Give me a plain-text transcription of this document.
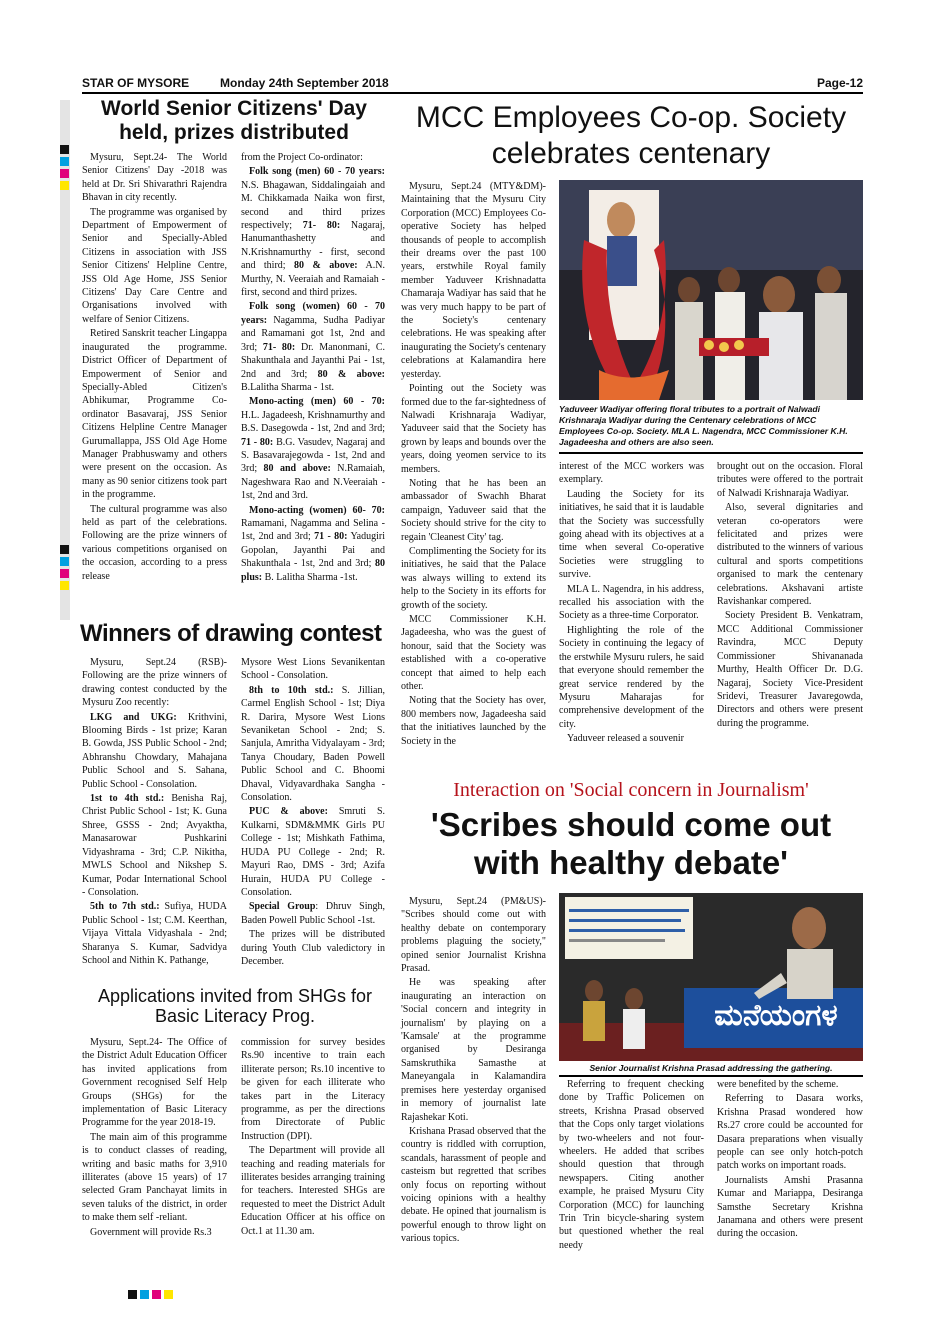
STAR OF MYSORE	Monday 24th September 2018	Page-12
World Senior Citizens' Day held, prizes distributed

Mysuru, Sept.24- The World Senior Citizens' Day -2018 was held at Dr. Sri Shivarathri Rajendra Bhavan in city recently.

The programme was organised by Department of Empowerment of Senior and Specially-Abled Citizens in association with JSS Senior Citizens' Helpline Centre, JSS Old Age Home, JSS Senior Citizens' Day Care Centre and Organisations involved with welfare of Senior Citizens.

Retired Sanskrit teacher Lingappa inaugurated the programme. District Officer of Department of Empowerment of Senior and Specially-Abled Citizen's Abhikumar, Programme Co-ordinator Basavaraj, JSS Senior Citizens Helpline Centre Manager Gurumallappa, JSS Old Age Home Manager Prabhuswamy and others were present on the occasion. As many as 90 senior citizens took part in the programme.

The cultural programme was also held as part of the celebrations. Following are the prize winners of various competitions organised on the occasion, according to a press release

from the Project Co-ordinator:

Folk song (men) 60 - 70 years: N.S. Bhagawan, Siddalingaiah and M. Chikkamada Naika won first, second and third prizes respectively; 71- 80: Nagaraj, Hanumanthashetty and N.Krishnamurthy - first, second and third; 80 & above: A.N. Murthy, N. Veeraiah and Ramaiah - first, second and third prizes.

Folk song (women) 60 - 70 years: Nagamma, Sudha Padiyar and Ramamani got 1st, 2nd and 3rd; 71- 80: Dr. Manonmani, C. Shakunthala and Jayanthi Pai - 1st, 2nd and 3rd; 80 & above: B.Lalitha Sharma - 1st.

Mono-acting (men) 60 - 70: H.L. Jagadeesh, Krishnamurthy and B.S. Dasegowda - 1st, 2nd and 3rd; 71 - 80: B.G. Vasudev, Nagaraj and S. Basavarajegowda - 1st, 2nd and 3rd; 80 and above: N.Ramaiah, Nageshwara Rao and N.Veeraiah - 1st, 2nd and 3rd.

Mono-acting (women) 60- 70: Ramamani, Nagamma and Selina - 1st, 2nd and 3rd; 71 - 80: Yadugiri Gopolan, Jayanthi Pai and Shakunthala - 1st, 2nd and 3rd; 80 plus: B. Lalitha Sharma -1st.

Winners of drawing contest

Mysuru, Sept.24 (RSB)- Following are the prize winners of drawing contest conducted by the Mysuru Zoo recently:

LKG and UKG: Krithvini, Blooming Birds - 1st prize; Karan B. Gowda, JSS Public School - 2nd; Abhranshu Chowdary, Mahajana Public School and S. Sahana, Public School - Consolation.

1st to 4th std.: Benisha Raj, Christ Public School - 1st; K. Guna Shree, GSSS - 2nd; Avyaktha, Manasarowar Pushkarini Vidyashrama - 3rd; C.P. Nikitha, MWLS School and Nikshep S. Kumar, Podar International School - Consolation.

5th to 7th std.: Sufiya, HUDA Public School - 1st; C.M. Keerthan, Vijaya Vittala Vidyashala - 2nd; Sharanya S. Kumar, Sadvidya School and Nithin K. Pathange,

Mysore West Lions Sevanikentan School - Consolation.

8th to 10th std.: S. Jillian, Carmel English School - 1st; Diya R. Darira, Mysore West Lions Sevaniketan School - 2nd; S. Sanjula, Amritha Vidyalayam - 3rd; Tanya Choudary, Baden Powell Public School and C. Bhoomi Dhaval, Vidyavardhaka Sangha - Consolation.

PUC & above: Smruti S. Kulkarni, SDM&MMK Girls PU College - 1st; Mishkath Fathima, HUDA PU College - 2nd; R. Mayuri Rao, DMS - 3rd; Azifa Hurain, HUDA PU College - Consolation.

Special Group: Dhruv Singh, Baden Powell Public School -1st.

The prizes will be distributed during Youth Club valedictory in December.

Applications invited from SHGs for Basic Literacy Prog.

Mysuru, Sept.24- The Office of the District Adult Education Officer has invited applications from Government recognised Self Help Groups (SHGs) for the implementation of Basic Literacy Programme for the year 2018-19.

The main aim of this programme is to conduct classes of reading, writing and basic maths for 3,910 illiterates (above 15 years) of 17 selected Gram Panchayat limits in seven taluks of the district, in order to make them self -reliant.

Government will provide Rs.3

commission for survey besides Rs.90 incentive to train each illiterate person; Rs.10 incentive to be given for each illiterate who takes part in the Literacy programme, as per the directions from Directorate of Public Instruction (DPI).

The Department will provide all teaching and reading materials for illiterates besides arranging training for teachers. Interested SHGs are requested to meet the District Adult Education Officer at his office on Oct.1 at 11.30 am.

MCC Employees Co-op. Society celebrates centenary

Mysuru, Sept.24 (MTY&DM)- Maintaining that the Mysuru City Corporation (MCC) Employees Co-operative Society has helped thousands of people to accomplish their dreams over the past 100 years, erstwhile Royal family member Yaduveer Krishnadatta Chamaraja Wadiyar has said that he was very much happy to be part of the Society's centenary celebrations. He was speaking after inaugurating the Society's centenary celebrations at Kalamandira here yesterday.

Pointing out the Society was formed due to the far-sightedness of Nalwadi Krishnaraja Wadiyar, Yaduveer said that the Society has grown by leaps and bounds over the years, doing yeomen service to its members.

Noting that he has been an ambassador of Swachh Bharat campaign, Yaduveer said that the Society should strive for the city to regain 'Cleanest City' tag.

Complimenting the Society for its initiatives, he said that the Palace was always willing to extend its help to the Society in its efforts for growth of the society.

MCC Commissioner K.H. Jagadeesha, who was the guest of honour, said that the Society was established with a co-operative concept that aimed to help each other.

Noting that the Society has over, 800 members now, Jagadeesha said that the initiatives launched by the Society in the

Yaduveer Wadiyar offering floral tributes to a portrait of Nalwadi Krishnaraja Wadiyar during the Centenary celebrations of MCC Employees Co-op. Society. MLA L. Nagendra, MCC Commissioner K.H. Jagadeesha and others are also seen.

interest of the MCC workers was exemplary.

Lauding the Society for its initiatives, he said that it is laudable that the Society was successfully going ahead with its objectives at a time when several Co-operative Societies were struggling to survive.

MLA L. Nagendra, in his address, recalled his association with the Society as a three-time Corporator.

Highlighting the role of the Society in continuing the legacy of the erstwhile Mysuru rulers, he said that everyone should remember the great service rendered by the Mysuru Maharajas for comprehensive development of the city.

Yaduveer released a souvenir

brought out on the occasion. Floral tributes were offered to the portrait of Nalwadi Krishnaraja Wadiyar.

Also, several dignitaries and veteran co-operators were felicitated and prizes were distributed to the winners of various cultural and sports competitions organised to mark the centenary celebrations. Akshavani artiste Ravishankar compered.

Society President B. Venkatram, MCC Additional Commissioner Ravindra, MCC Deputy Commissioner Shivananada Murthy, Health Officer Dr. D.G. Nagaraj, Society Vice-President Sridevi, Treasurer Javaregowda, Directors and others were present during the programme.

Interaction on 'Social concern in Journalism'
'Scribes should come out with healthy debate'

Mysuru, Sept.24 (PM&US)- "Scribes should come out with healthy debate on contemporary problems plaguing the society," opined senior Journalist Krishna Prasad.

He was speaking after inaugurating an interaction on 'Social concern and integrity in journalism' by playing on a 'Kamsale' at the programme organised by Desiranga Samskruthika Samasthe at Maneyangala in Kalamandira premises here yesterday organised in memory of journalist late Rajashekar Koti.

Krishana Prasad observed that the country is riddled with corruption, scandals, harassment of people and casteism but regretted that scribes only focus on reporting without voicing opinions with a healthy debate. He opined that journalism is powerful enough to throw light on various topics.

ಮನೆಯಂಗಳ
Senior Journalist Krishna Prasad addressing the gathering.

Referring to frequent checking done by Traffic Policemen on streets, Krishna Prasad observed that the Cops only target violations by two-wheelers and not four-wheelers. He added that scribes should question that through newspapers. Citing another example, he praised Mysuru City Corporation (MCC) for launching Trin Trin bicycle-sharing system but questioned whether the real needy

were benefited by the scheme.

Referring to Dasara works, Krishna Prasad wondered how Rs.27 crore could be accounted for Dasara preparations when visually people can see only hotch-potch patch works on important roads.

Journalists Amshi Prasanna Kumar and Mariappa, Desiranga Samsthe Secretary Krishna Janamana and others were present during the occasion.
